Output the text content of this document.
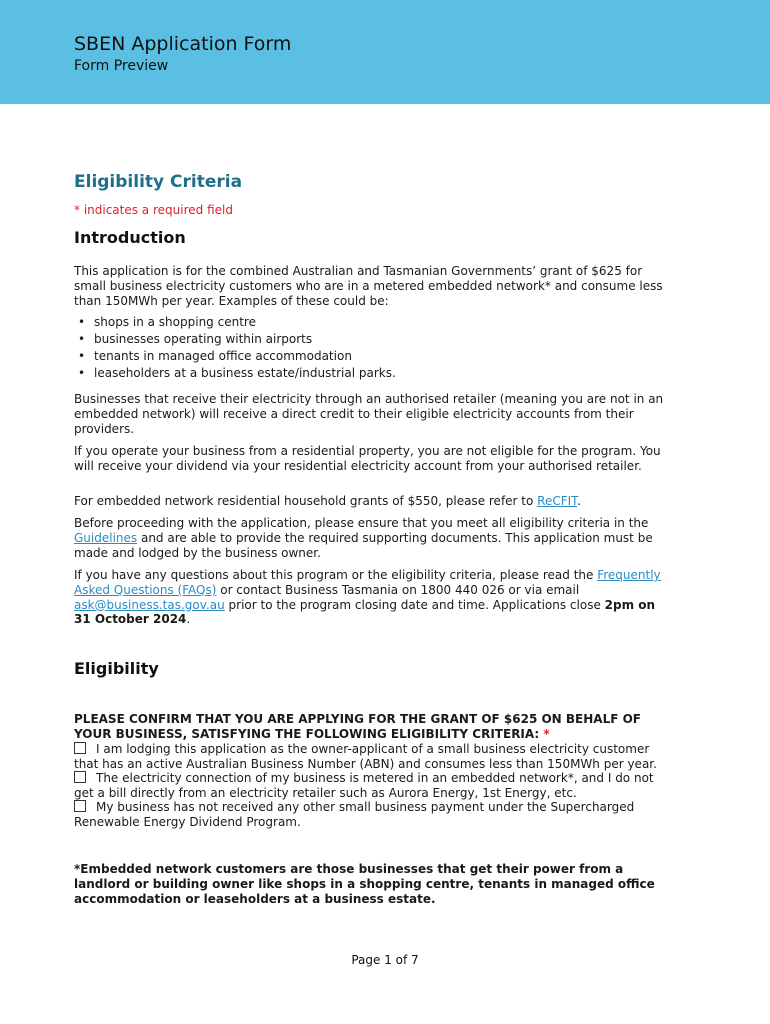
SBEN Application Form
Form Preview
Eligibility Criteria
* indicates a required field
Introduction

This application is for the combined Australian and Tasmanian Governments’ grant of $625 for small business electricity customers who are in a metered embedded network* and consume less than 150MWh per year. Examples of these could be:

• shops in a shopping centre
• businesses operating within airports
• tenants in managed office accommodation
• leaseholders at a business estate/industrial parks.

Businesses that receive their electricity through an authorised retailer (meaning you are not in an embedded network) will receive a direct credit to their eligible electricity accounts from their providers.

If you operate your business from a residential property, you are not eligible for the program. You will receive your dividend via your residential electricity account from your authorised retailer.

For embedded network residential household grants of $550, please refer to ReCFIT.

Before proceeding with the application, please ensure that you meet all eligibility criteria in the Guidelines and are able to provide the required supporting documents. This application must be made and lodged by the business owner.

If you have any questions about this program or the eligibility criteria, please read the Frequently Asked Questions (FAQs) or contact Business Tasmania on 1800 440 026 or via email ask@business.tas.gov.au prior to the program closing date and time. Applications close 2pm on 31 October 2024.

Eligibility
PLEASE CONFIRM THAT YOU ARE APPLYING FOR THE GRANT OF $625 ON BEHALF OF YOUR BUSINESS, SATISFYING THE FOLLOWING ELIGIBILITY CRITERIA: *
I am lodging this application as the owner-applicant of a small business electricity customer that has an active Australian Business Number (ABN) and consumes less than 150MWh per year.
The electricity connection of my business is metered in an embedded network*, and I do not get a bill directly from an electricity retailer such as Aurora Energy, 1st Energy, etc.
My business has not received any other small business payment under the Supercharged Renewable Energy Dividend Program.
*Embedded network customers are those businesses that get their power from a landlord or building owner like shops in a shopping centre, tenants in managed office accommodation or leaseholders at a business estate.
Page 1 of 7
